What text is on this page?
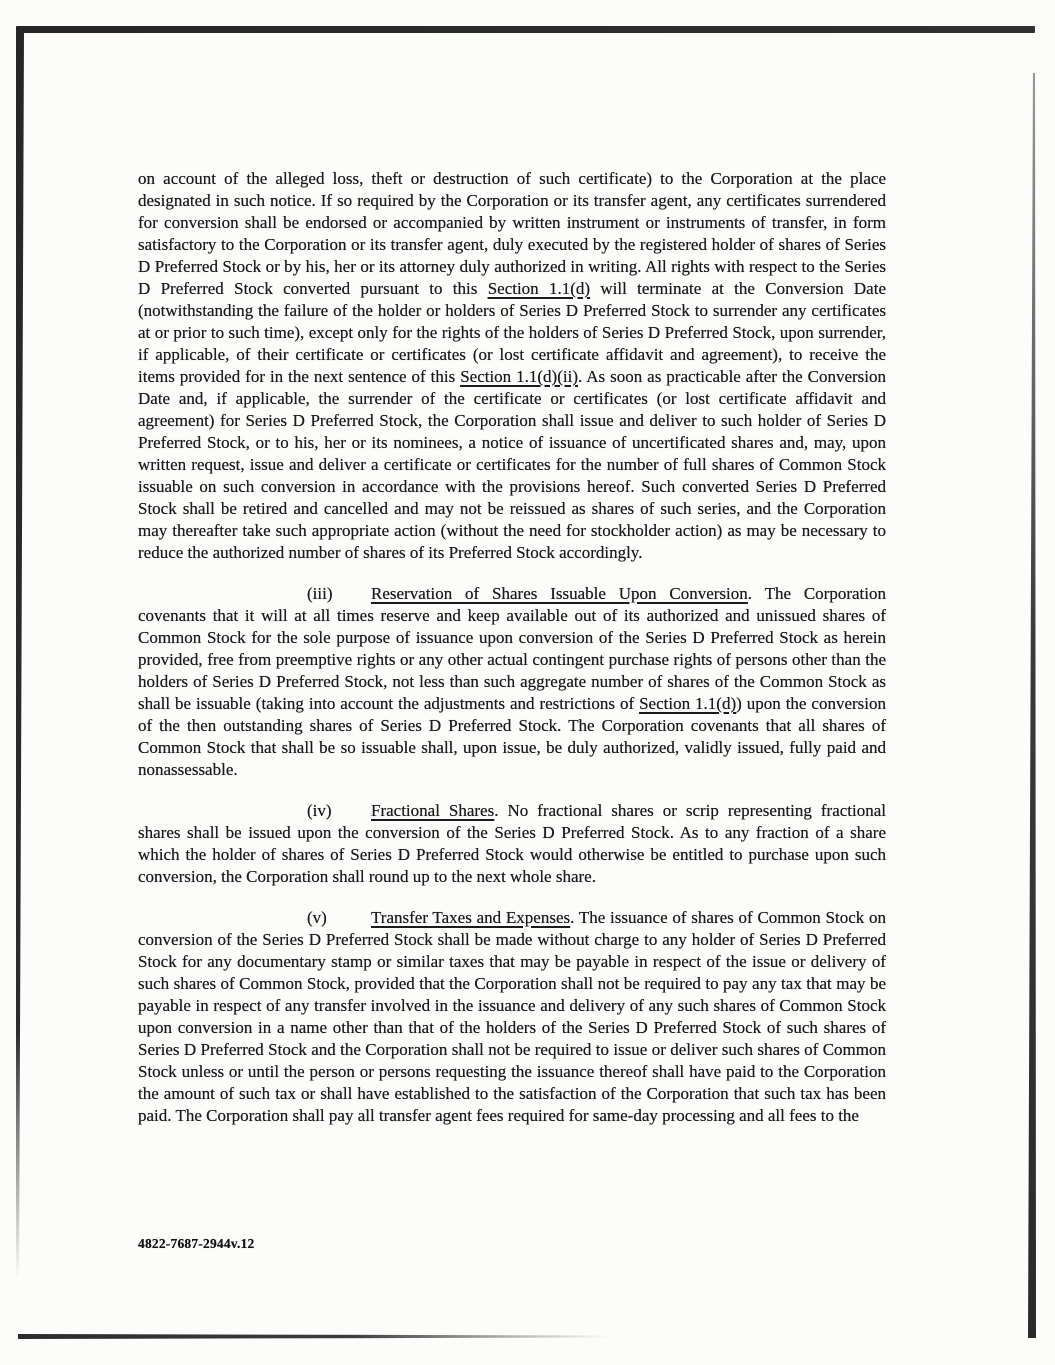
on account of the alleged loss, theft or destruction of such certificate) to the Corporation at the place designated in such notice. If so required by the Corporation or its transfer agent, any certificates surrendered for conversion shall be endorsed or accompanied by written instrument or instruments of transfer, in form satisfactory to the Corporation or its transfer agent, duly executed by the registered holder of shares of Series D Preferred Stock or by his, her or its attorney duly authorized in writing. All rights with respect to the Series D Preferred Stock converted pursuant to this Section 1.1(d) will terminate at the Conversion Date (notwithstanding the failure of the holder or holders of Series D Preferred Stock to surrender any certificates at or prior to such time), except only for the rights of the holders of Series D Preferred Stock, upon surrender, if applicable, of their certificate or certificates (or lost certificate affidavit and agreement), to receive the items provided for in the next sentence of this Section 1.1(d)(ii). As soon as practicable after the Conversion Date and, if applicable, the surrender of the certificate or certificates (or lost certificate affidavit and agreement) for Series D Preferred Stock, the Corporation shall issue and deliver to such holder of Series D Preferred Stock, or to his, her or its nominees, a notice of issuance of uncertificated shares and, may, upon written request, issue and deliver a certificate or certificates for the number of full shares of Common Stock issuable on such conversion in accordance with the provisions hereof. Such converted Series D Preferred Stock shall be retired and cancelled and may not be reissued as shares of such series, and the Corporation may thereafter take such appropriate action (without the need for stockholder action) as may be necessary to reduce the authorized number of shares of its Preferred Stock accordingly.

(iii) Reservation of Shares Issuable Upon Conversion. The Corporation covenants that it will at all times reserve and keep available out of its authorized and unissued shares of Common Stock for the sole purpose of issuance upon conversion of the Series D Preferred Stock as herein provided, free from preemptive rights or any other actual contingent purchase rights of persons other than the holders of Series D Preferred Stock, not less than such aggregate number of shares of the Common Stock as shall be issuable (taking into account the adjustments and restrictions of Section 1.1(d)) upon the conversion of the then outstanding shares of Series D Preferred Stock. The Corporation covenants that all shares of Common Stock that shall be so issuable shall, upon issue, be duly authorized, validly issued, fully paid and nonassessable.

(iv) Fractional Shares. No fractional shares or scrip representing fractional shares shall be issued upon the conversion of the Series D Preferred Stock. As to any fraction of a share which the holder of shares of Series D Preferred Stock would otherwise be entitled to purchase upon such conversion, the Corporation shall round up to the next whole share.

(v)	Transfer Taxes and Expenses. The issuance of shares of Common Stock on conversion of the Series D Preferred Stock shall be made without charge to any holder of Series D Preferred Stock for any documentary stamp or similar taxes that may be payable in respect of the issue or delivery of such shares of Common Stock, provided that the Corporation shall not be required to pay any tax that may be payable in respect of any transfer involved in the issuance and delivery of any such shares of Common Stock upon conversion in a name other than that of the holders of the Series D Preferred Stock of such shares of Series D Preferred Stock and the Corporation shall not be required to issue or deliver such shares of Common Stock unless or until the person or persons requesting the issuance thereof shall have paid to the Corporation the amount of such tax or shall have established to the satisfaction of the Corporation that such tax has been paid. The Corporation shall pay all transfer agent fees required for same-day processing and all fees to the

4822-7687-2944v.12
